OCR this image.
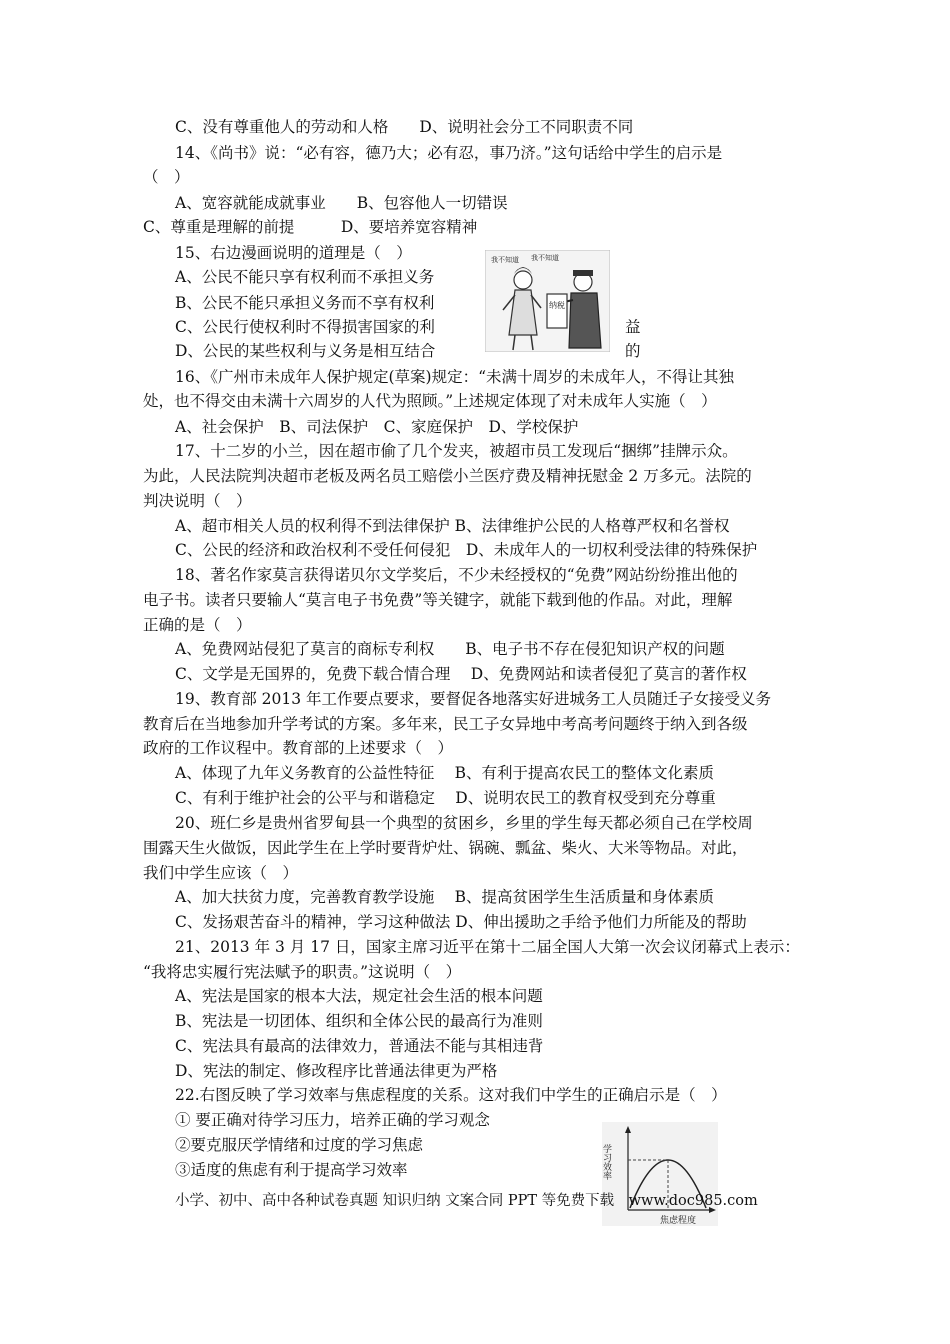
C、没有尊重他人的劳动和人格　　D、说明社会分工不同职责不同
14、《尚书》说：“必有容，德乃大；必有忍，事乃济。”这句话给中学生的启示是
（　）
A、宽容就能成就事业　　B、包容他人一切错误
C、尊重是理解的前提　　　D、要培养宽容精神
15、右边漫画说明的道理是（　）
A、公民不能只享有权利而不承担义务
B、公民不能只承担义务而不享有权利
C、公民行使权利时不得损害国家的利	益
D、公民的某些权利与义务是相互结合	的
纳税
我不知道 我不知道
16、《广州市未成年人保护规定(草案)规定：“未满十周岁的未成年人，不得让其独
处，也不得交由未满十六周岁的人代为照顾。”上述规定体现了对未成年人实施（　）
A、社会保护　B、司法保护　C、家庭保护　D、学校保护
17、十二岁的小兰，因在超市偷了几个发夹，被超市员工发现后“捆绑”挂牌示众。
为此，人民法院判决超市老板及两名员工赔偿小兰医疗费及精神抚慰金 2 万多元。法院的
判决说明（　）
A、超市相关人员的权利得不到法律保护 B、法律维护公民的人格尊严权和名誉权
C、公民的经济和政治权利不受任何侵犯　D、未成年人的一切权利受法律的特殊保护
18、著名作家莫言获得诺贝尔文学奖后，不少未经授权的“免费”网站纷纷推出他的
电子书。读者只要输人“莫言电子书免费”等关键字，就能下载到他的作品。对此，理解
正确的是（　）
A、免费网站侵犯了莫言的商标专利权　　B、电子书不存在侵犯知识产权的问题
C、文学是无国界的，免费下载合情合理　 D、免费网站和读者侵犯了莫言的著作权
19、教育部 2013 年工作要点要求，要督促各地落实好进城务工人员随迁子女接受义务
教育后在当地参加升学考试的方案。多年来，民工子女异地中考高考问题终于纳入到各级
政府的工作议程中。教育部的上述要求（　）
A、体现了九年义务教育的公益性特征　 B、有利于提高农民工的整体文化素质
C、有利于维护社会的公平与和谐稳定　 D、说明农民工的教育权受到充分尊重
20、班仁乡是贵州省罗甸县一个典型的贫困乡，乡里的学生每天都必须自己在学校周
围露天生火做饭，因此学生在上学时要背炉灶、锅碗、瓢盆、柴火、大米等物品。对此，
我们中学生应该（　）
A、加大扶贫力度，完善教育教学设施　 B、提高贫困学生生活质量和身体素质
C、发扬艰苦奋斗的精神，学习这种做法 D、伸出援助之手给予他们力所能及的帮助
21、2013 年 3 月 17 日，国家主席习近平在第十二届全国人大第一次会议闭幕式上表示：
“我将忠实履行宪法赋予的职责。”这说明（　）
A、宪法是国家的根本大法，规定社会生活的根本问题
B、宪法是一切团体、组织和全体公民的最高行为准则
C、宪法具有最高的法律效力，普通法不能与其相违背
D、宪法的制定、修改程序比普通法律更为严格
22.右图反映了学习效率与焦虑程度的关系。这对我们中学生的正确启示是（　）
① 要正确对待学习压力，培养正确的学习观念
②要克服厌学情绪和过度的学习焦虑
③适度的焦虑有利于提高学习效率	学习效率
焦虑程度
小学、初中、高中各种试卷真题 知识归纳 文案合同 PPT 等免费下载　www.doc985.com
